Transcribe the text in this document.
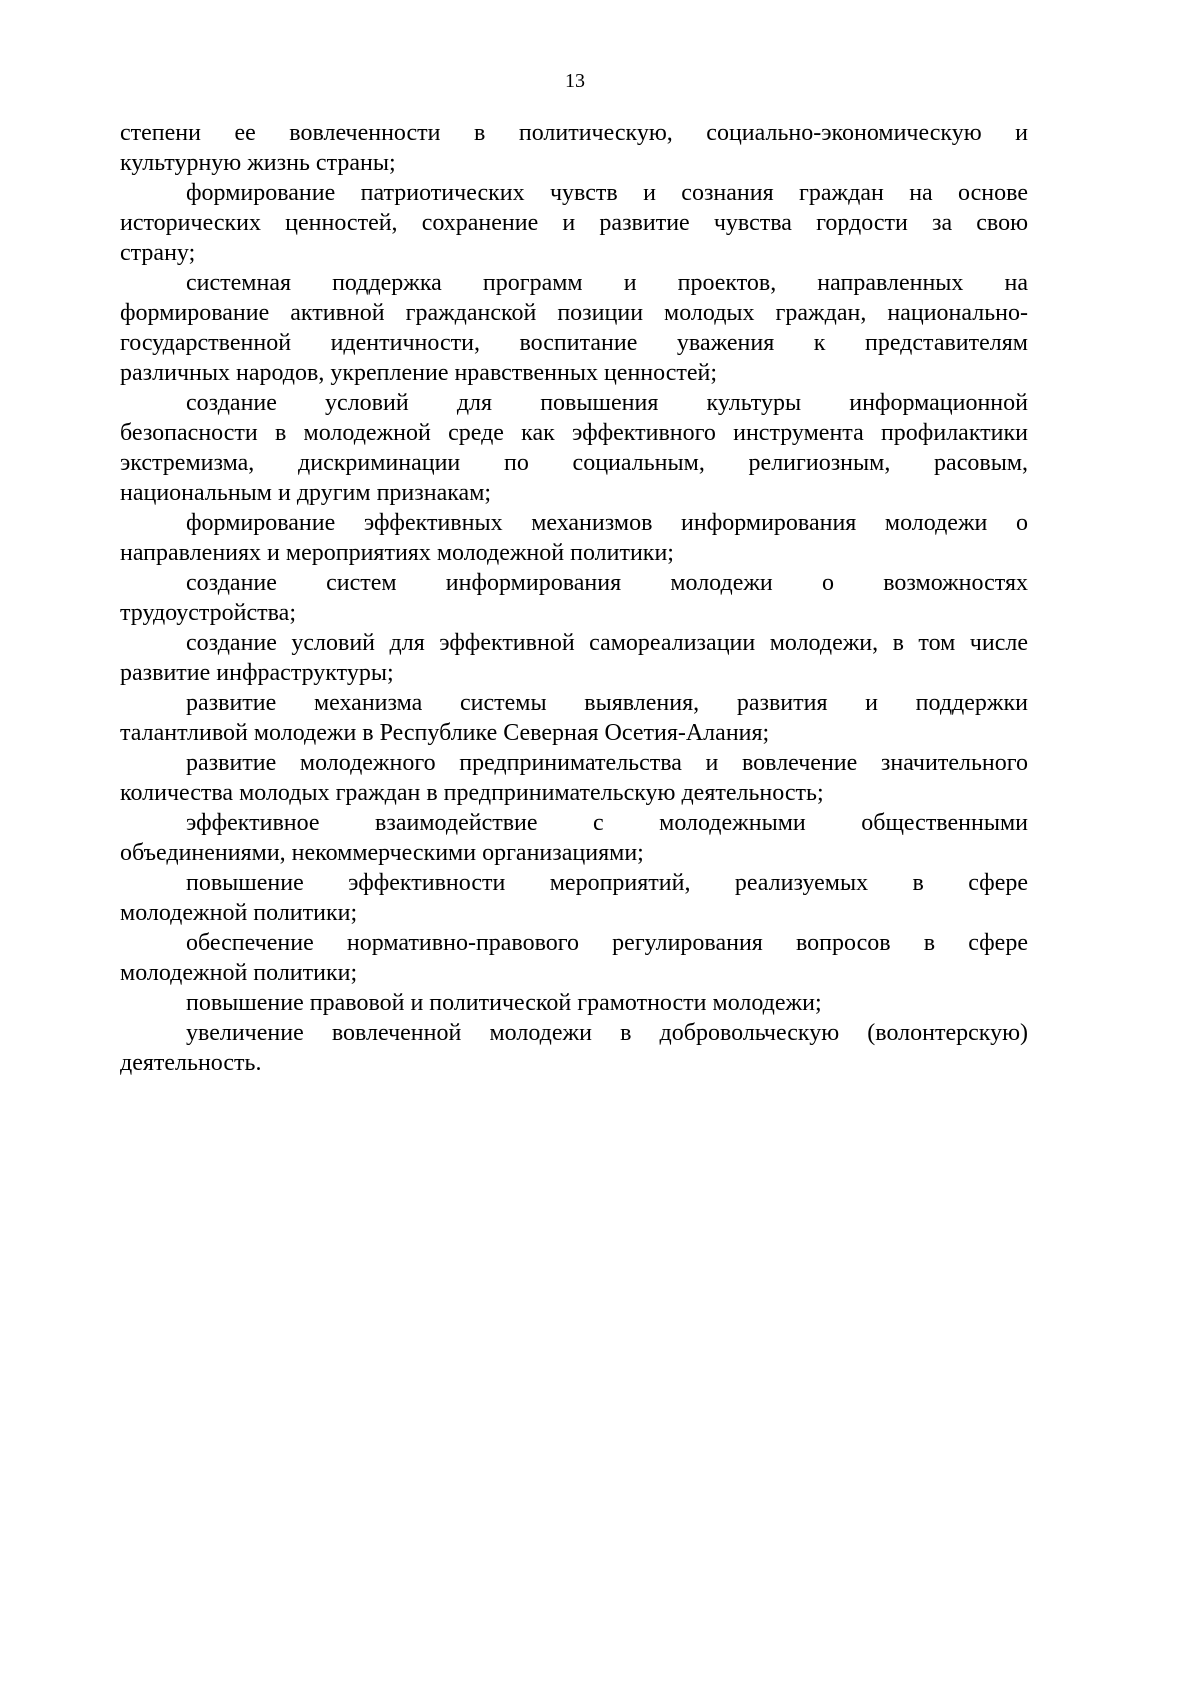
13
степени ее вовлеченности в политическую, социально-экономическую и
культурную жизнь страны;
формирование патриотических чувств и сознания граждан на основе
исторических ценностей, сохранение и развитие чувства гордости за свою
страну;
системная поддержка программ и проектов, направленных на
формирование активной гражданской позиции молодых граждан, национально-
государственной идентичности, воспитание уважения к представителям
различных народов, укрепление нравственных ценностей;
создание условий для повышения культуры информационной
безопасности в молодежной среде как эффективного инструмента профилактики
экстремизма, дискриминации по социальным, религиозным, расовым,
национальным и другим признакам;
формирование эффективных механизмов информирования молодежи о
направлениях и мероприятиях молодежной политики;
создание систем информирования молодежи о возможностях
трудоустройства;
создание условий для эффективной самореализации молодежи, в том числе
развитие инфраструктуры;
развитие механизма системы выявления, развития и поддержки
талантливой молодежи в Республике Северная Осетия-Алания;
развитие молодежного предпринимательства и вовлечение значительного
количества молодых граждан в предпринимательскую деятельность;
эффективное взаимодействие с молодежными общественными
объединениями, некоммерческими организациями;
повышение эффективности мероприятий, реализуемых в сфере
молодежной политики;
обеспечение нормативно-правового регулирования вопросов в сфере
молодежной политики;
повышение правовой и политической грамотности молодежи;
увеличение вовлеченной молодежи в добровольческую (волонтерскую)
деятельность.
